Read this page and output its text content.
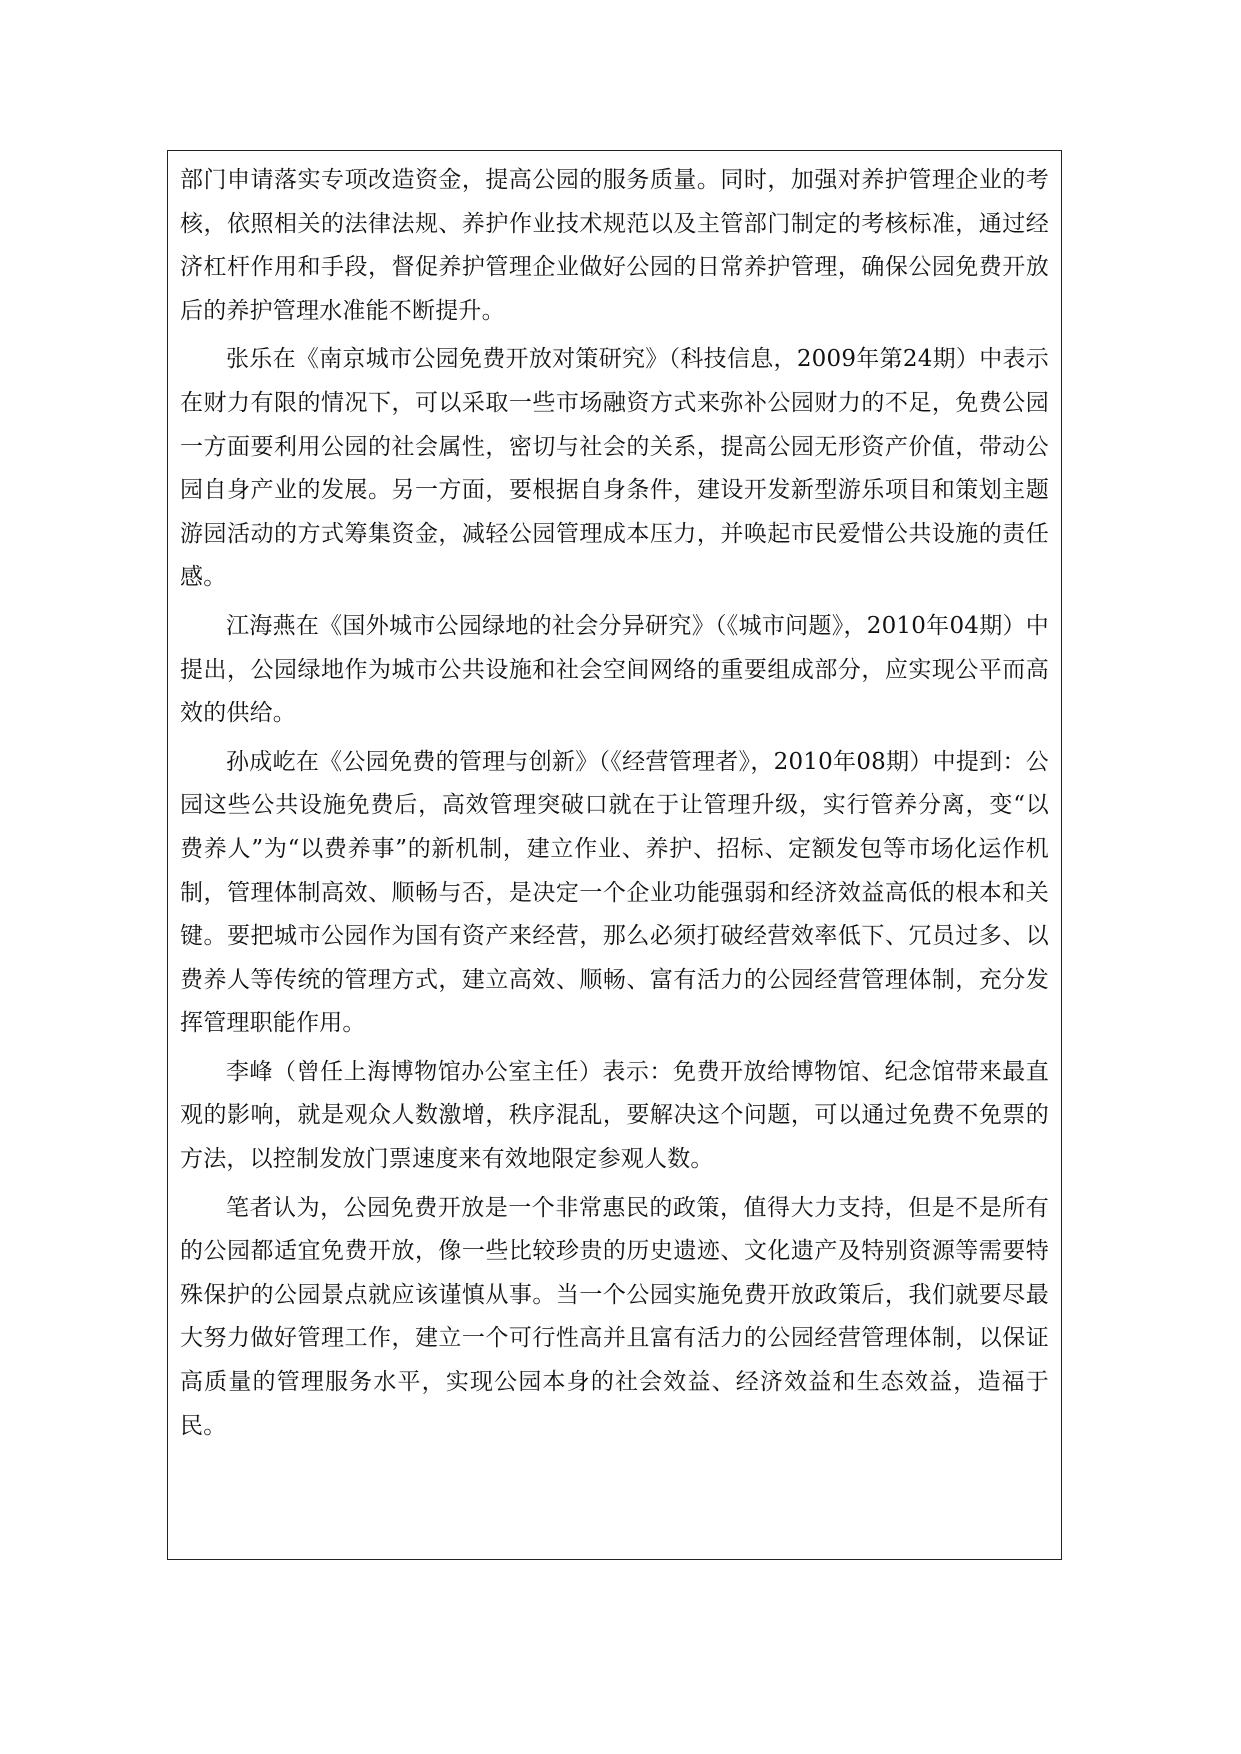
部门申请落实专项改造资金，提高公园的服务质量。同时，加强对养护管理企业的考核，依照相关的法律法规、养护作业技术规范以及主管部门制定的考核标准，通过经济杠杆作用和手段，督促养护管理企业做好公园的日常养护管理，确保公园免费开放后的养护管理水准能不断提升。

张乐在《南京城市公园免费开放对策研究》（科技信息，2009年第24期）中表示 在财力有限的情况下，可以采取一些市场融资方式来弥补公园财力的不足，免费公园一方面要利用公园的社会属性，密切与社会的关系，提高公园无形资产价值，带动公园自身产业的发展。另一方面，要根据自身条件，建设开发新型游乐项目和策划主题游园活动的方式筹集资金，减轻公园管理成本压力，并唤起市民爱惜公共设施的责任感。

江海燕在《国外城市公园绿地的社会分异研究》（《城市问题》，2010年04期）中提出，公园绿地作为城市公共设施和社会空间网络的重要组成部分，应实现公平而高效的供给。

孙成屹在《公园免费的管理与创新》（《经营管理者》，2010年08期）中提到：公园这些公共设施免费后，高效管理突破口就在于让管理升级，实行管养分离，变“以费养人”为“以费养事”的新机制，建立作业、养护、招标、定额发包等市场化运作机制，管理体制高效、顺畅与否，是决定一个企业功能强弱和经济效益高低的根本和关键。要把城市公园作为国有资产来经营，那么必须打破经营效率低下、冗员过多、以费养人等传统的管理方式，建立高效、顺畅、富有活力的公园经营管理体制，充分发挥管理职能作用。

李峰（曾任上海博物馆办公室主任）表示：免费开放给博物馆、纪念馆带来最直观的影响，就是观众人数激增，秩序混乱，要解决这个问题，可以通过免费不免票的方法，以控制发放门票速度来有效地限定参观人数。

笔者认为，公园免费开放是一个非常惠民的政策，值得大力支持，但是不是所有的公园都适宜免费开放，像一些比较珍贵的历史遗迹、文化遗产及特别资源等需要特殊保护的公园景点就应该谨慎从事。当一个公园实施免费开放政策后，我们就要尽最大努力做好管理工作，建立一个可行性高并且富有活力的公园经营管理体制，以保证高质量的管理服务水平，实现公园本身的社会效益、经济效益和生态效益，造福于民。
